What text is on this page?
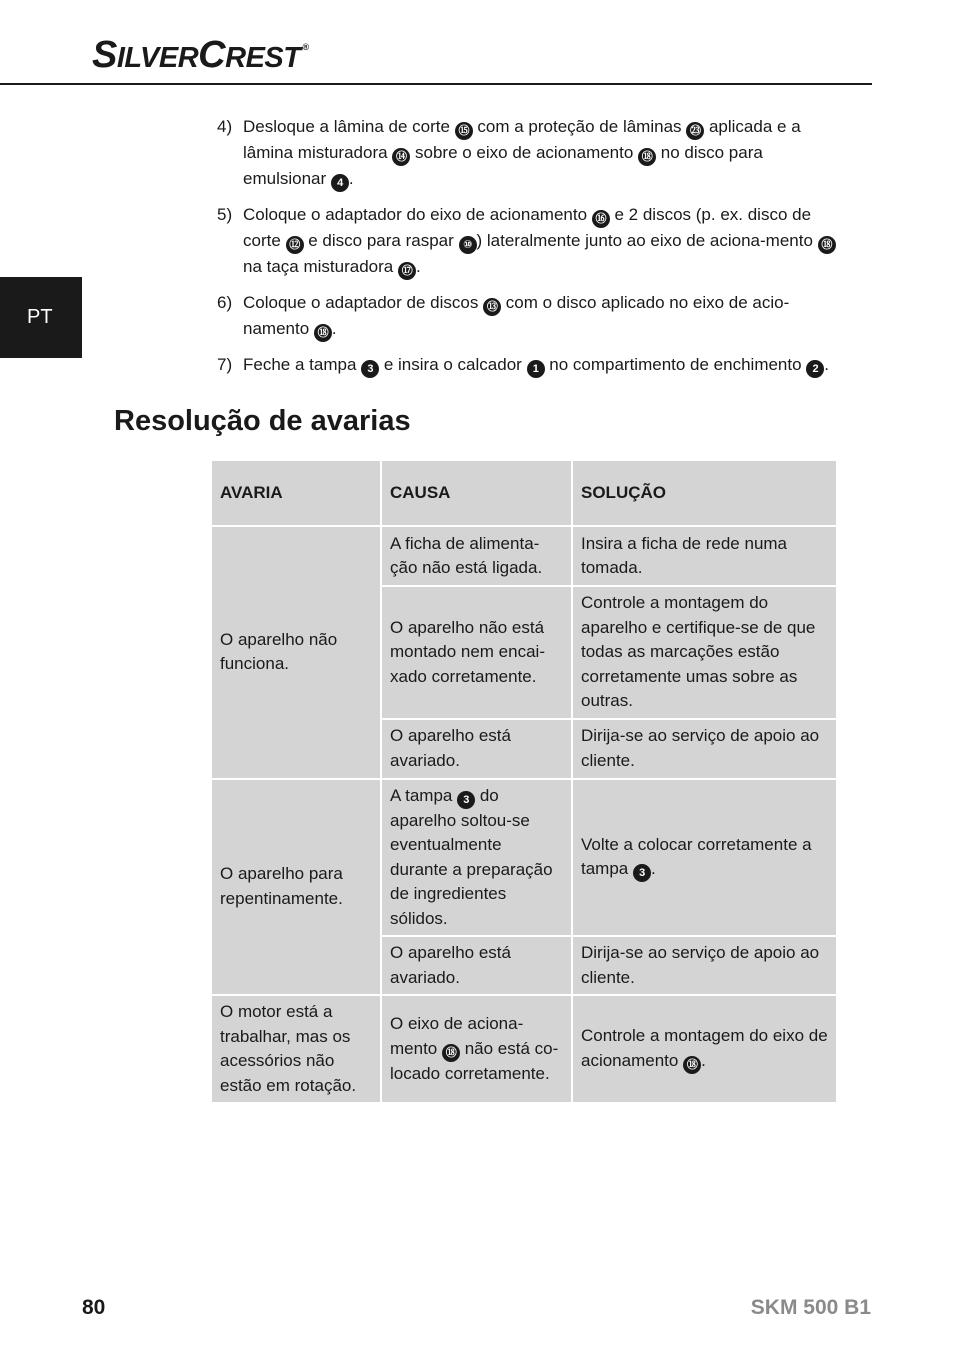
SILVERCREST ®
PT
4) Desloque a lâmina de corte ⑮ com a proteção de lâminas ㉓ aplicada e a lâmina misturadora ⑭ sobre o eixo de acionamento ⑱ no disco para emulsionar 4 .
5) Coloque o adaptador do eixo de acionamento ⑯ e 2 discos (p. ex. disco de corte ⑫ e disco para raspar ⑩ ) lateralmente junto ao eixo de aciona-mento ⑱ na taça misturadora ⑰ .
6) Coloque o adaptador de discos ⑬ com o disco aplicado no eixo de acio-namento ⑱ .
7) Feche a tampa 3 e insira o calcador 1 no compartimento de enchimento 2 .
Resolução de avarias
AVARIA	CAUSA	SOLUÇÃO
O aparelho não funciona.	A ficha de alimenta-ção não está ligada.	Insira a ficha de rede numa tomada.
	O aparelho não está montado nem encai-xado corretamente.	Controle a montagem do aparelho e certifique-se de que todas as marcações estão corretamente umas sobre as outras.
	O aparelho está avariado.	Dirija-se ao serviço de apoio ao cliente.
O aparelho para repentinamente.	A tampa 3 do aparelho soltou-se eventualmente durante a preparação de ingredientes sólidos.	Volte a colocar corretamente a tampa 3 .
	O aparelho está avariado.	Dirija-se ao serviço de apoio ao cliente.
O motor está a trabalhar, mas os acessórios não estão em rotação.	O eixo de aciona-mento ⑱ não está co-locado corretamente.	Controle a montagem do eixo de acionamento ⑱ .
80	SKM 500 B1
